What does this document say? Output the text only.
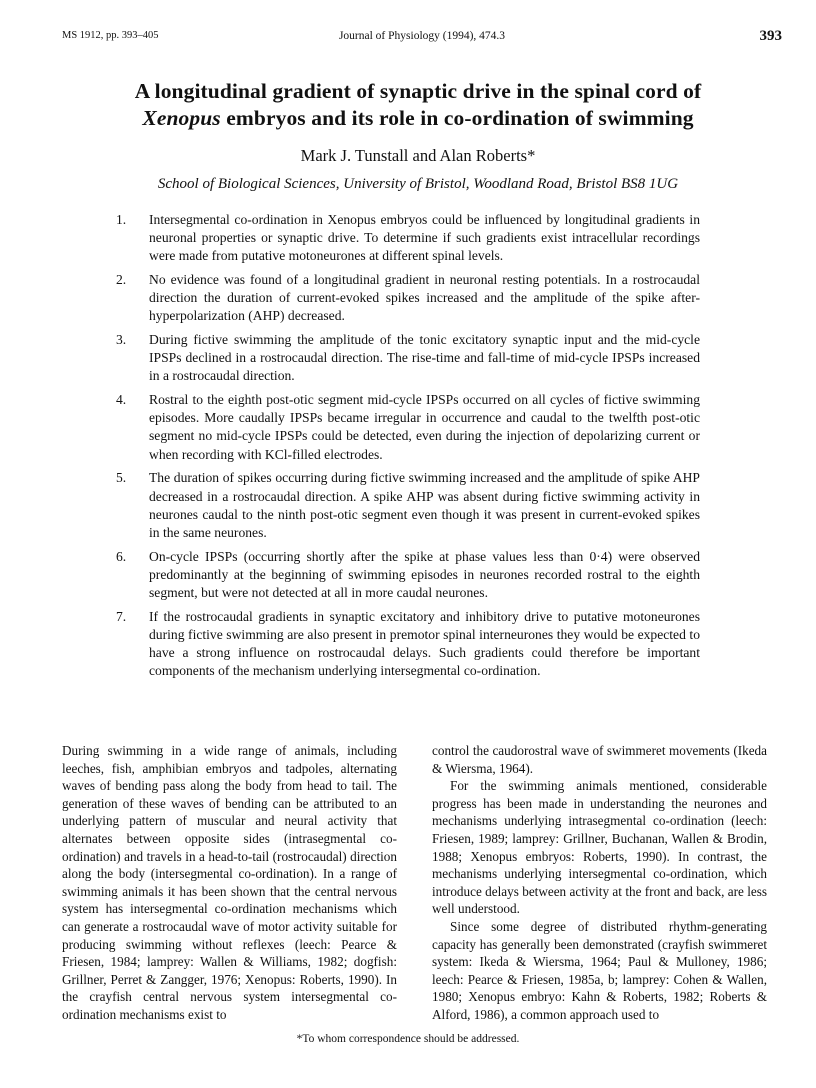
MS 1912, pp. 393–405	Journal of Physiology (1994), 474.3	393
A longitudinal gradient of synaptic drive in the spinal cord of
Xenopus embryos and its role in co-ordination of swimming
Mark J. Tunstall and Alan Roberts*
School of Biological Sciences, University of Bristol, Woodland Road, Bristol BS8 1UG
1. Intersegmental co-ordination in Xenopus embryos could be influenced by longitudinal gradients in neuronal properties or synaptic drive. To determine if such gradients exist intracellular recordings were made from putative motoneurones at different spinal levels.
2. No evidence was found of a longitudinal gradient in neuronal resting potentials. In a rostrocaudal direction the duration of current-evoked spikes increased and the amplitude of the spike after-hyperpolarization (AHP) decreased.
3. During fictive swimming the amplitude of the tonic excitatory synaptic input and the mid-cycle IPSPs declined in a rostrocaudal direction. The rise-time and fall-time of mid-cycle IPSPs increased in a rostrocaudal direction.
4. Rostral to the eighth post-otic segment mid-cycle IPSPs occurred on all cycles of fictive swimming episodes. More caudally IPSPs became irregular in occurrence and caudal to the twelfth post-otic segment no mid-cycle IPSPs could be detected, even during the injection of depolarizing current or when recording with KCl-filled electrodes.
5. The duration of spikes occurring during fictive swimming increased and the amplitude of spike AHP decreased in a rostrocaudal direction. A spike AHP was absent during fictive swimming activity in neurones caudal to the ninth post-otic segment even though it was present in current-evoked spikes in the same neurones.
6. On-cycle IPSPs (occurring shortly after the spike at phase values less than 0·4) were observed predominantly at the beginning of swimming episodes in neurones recorded rostral to the eighth segment, but were not detected at all in more caudal neurones.
7. If the rostrocaudal gradients in synaptic excitatory and inhibitory drive to putative motoneurones during fictive swimming are also present in premotor spinal interneurones they would be expected to have a strong influence on rostrocaudal delays. Such gradients could therefore be important components of the mechanism underlying intersegmental co-ordination.

During swimming in a wide range of animals, including leeches, fish, amphibian embryos and tadpoles, alternating waves of bending pass along the body from head to tail. The generation of these waves of bending can be attributed to an underlying pattern of muscular and neural activity that alternates between opposite sides (intrasegmental co-ordination) and travels in a head-to-tail (rostrocaudal) direction along the body (intersegmental co-ordination). In a range of swimming animals it has been shown that the central nervous system has intersegmental co-ordination mechanisms which can generate a rostrocaudal wave of motor activity suitable for producing swimming without reflexes (leech: Pearce & Friesen, 1984; lamprey: Wallen & Williams, 1982; dogfish: Grillner, Perret & Zangger, 1976; Xenopus: Roberts, 1990). In the crayfish central nervous system intersegmental co-ordination mechanisms exist to

control the caudorostral wave of swimmeret movements (Ikeda & Wiersma, 1964).

For the swimming animals mentioned, considerable progress has been made in understanding the neurones and mechanisms underlying intrasegmental co-ordination (leech: Friesen, 1989; lamprey: Grillner, Buchanan, Wallen & Brodin, 1988; Xenopus embryos: Roberts, 1990). In contrast, the mechanisms underlying intersegmental co-ordination, which introduce delays between activity at the front and back, are less well understood.

Since some degree of distributed rhythm-generating capacity has generally been demonstrated (crayfish swimmeret system: Ikeda & Wiersma, 1964; Paul & Mulloney, 1986; leech: Pearce & Friesen, 1985a, b; lamprey: Cohen & Wallen, 1980; Xenopus embryo: Kahn & Roberts, 1982; Roberts & Alford, 1986), a common approach used to

*To whom correspondence should be addressed.
